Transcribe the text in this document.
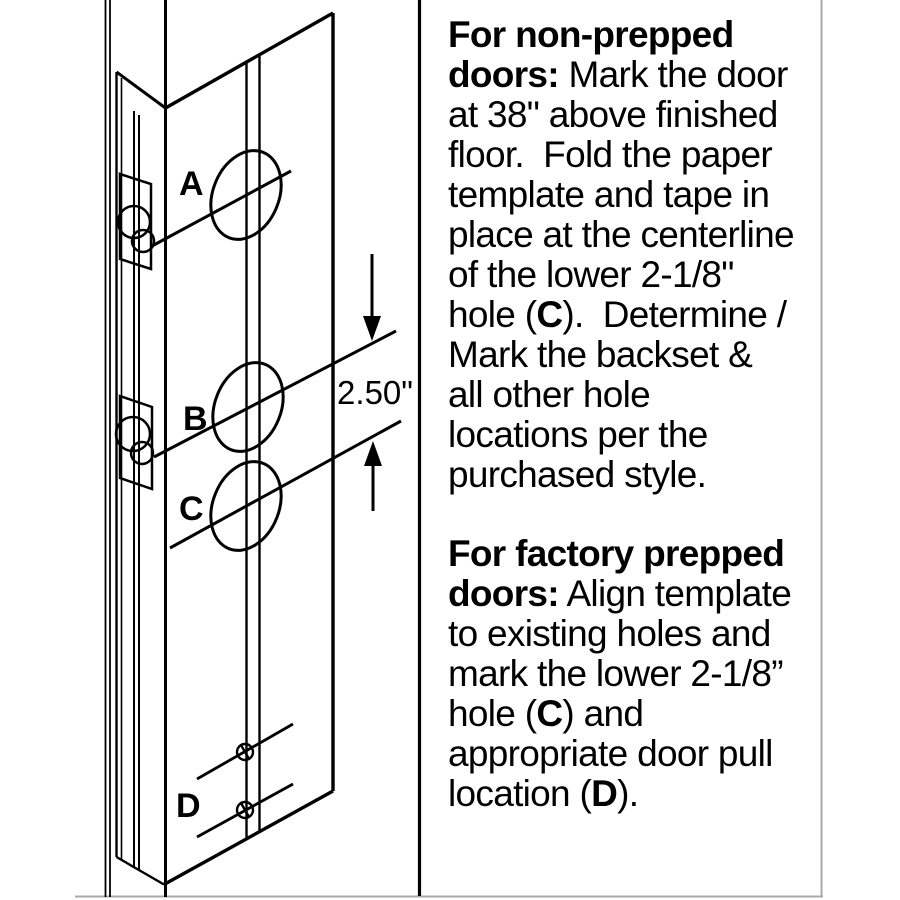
A
B
C
D
2.50"
For non-prepped
doors: Mark the door
at 38" above finished
floor.  Fold the paper
template and tape in
place at the centerline
of the lower 2-1/8"
hole (C).  Determine /
Mark the backset &
all other hole
locations per the
purchased style.
For factory prepped
doors: Align template
to existing holes and
mark the lower 2-1/8”
hole (C) and
appropriate door pull
location (D).
